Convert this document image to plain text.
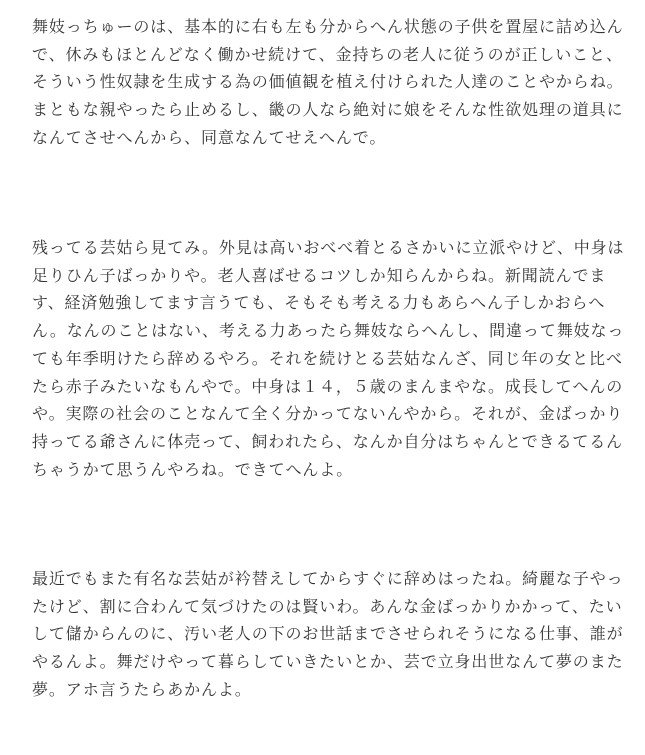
舞妓っちゅーのは、基本的に右も左も分からへん状態の子供を置屋に詰め込んで、休みもほとんどなく働かせ続けて、金持ちの老人に従うのが正しいこと、そういう性奴隷を生成する為の価値観を植え付けられた人達のことやからね。まともな親やったら止めるし、畿の人なら絶対に娘をそんな性欲処理の道具になんてさせへんから、同意なんてせえへんで。

残ってる芸姑ら見てみ。外見は高いおべべ着とるさかいに立派やけど、中身は足りひん子ばっかりや。老人喜ばせるコツしか知らんからね。新聞読んでます、経済勉強してます言うても、そもそも考える力もあらへん子しかおらへん。なんのことはない、考える力あったら舞妓ならへんし、間違って舞妓なっても年季明けたら辞めるやろ。それを続けとる芸姑なんざ、同じ年の女と比べたら赤子みたいなもんやで。中身は１４，５歳のまんまやな。成長してへんのや。実際の社会のことなんて全く分かってないんやから。それが、金ばっかり持ってる爺さんに体売って、飼われたら、なんか自分はちゃんとできるてるんちゃうかて思うんやろね。できてへんよ。

最近でもまた有名な芸姑が衿替えしてからすぐに辞めはったね。綺麗な子やったけど、割に合わんて気づけたのは賢いわ。あんな金ばっかりかかって、たいして儲からんのに、汚い老人の下のお世話までさせられそうになる仕事、誰がやるんよ。舞だけやって暮らしていきたいとか、芸で立身出世なんて夢のまた夢。アホ言うたらあかんよ。
